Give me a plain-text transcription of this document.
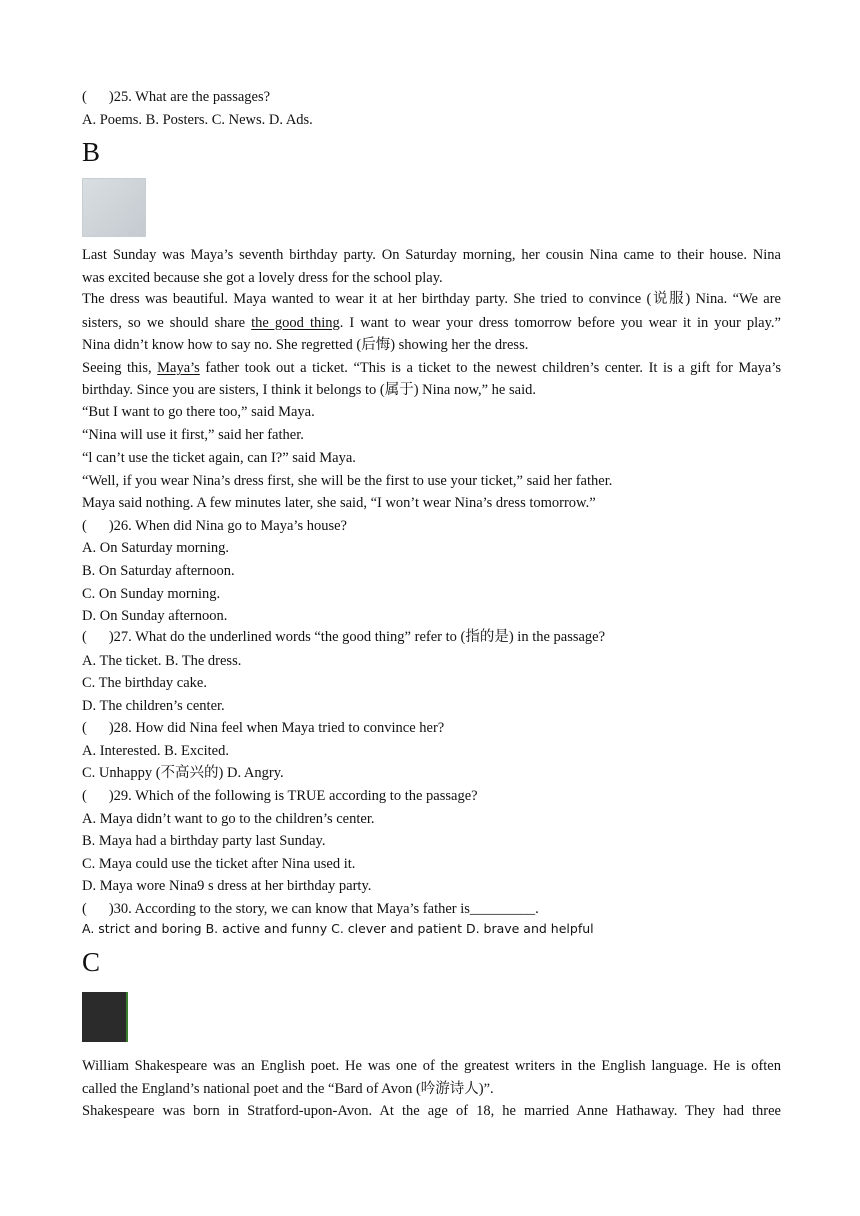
( )25. What are the passages?
A. Poems. B. Posters. C. News. D. Ads.
B
Last Sunday was Maya’s seventh birthday party. On Saturday morning, her cousin Nina came to their house. Nina
was excited because she got a lovely dress for the school play.
The dress was beautiful. Maya wanted to wear it at her birthday party. She tried to convince (说服) Nina. “We are
sisters, so we should share the good thing. I want to wear your dress tomorrow before you wear it in your play.”
Nina didn’t know how to say no. She regretted (后悔) showing her the dress.
Seeing this, Maya’s father took out a ticket. “This is a ticket to the newest children’s center. It is a gift for Maya’s
birthday. Since you are sisters, I think it belongs to (属于) Nina now,” he said.
“But I want to go there too,” said Maya.
“Nina will use it first,” said her father.
“l can’t use the ticket again, can I?” said Maya.
“Well, if you wear Nina’s dress first, she will be the first to use your ticket,” said her father.
Maya said nothing. A few minutes later, she said, “I won’t wear Nina’s dress tomorrow.”
( )26. When did Nina go to Maya’s house?
A. On Saturday morning.
B. On Saturday afternoon.
C. On Sunday morning.
D. On Sunday afternoon.
( )27. What do the underlined words “the good thing” refer to (指的是) in the passage?
A. The ticket. B. The dress.
C. The birthday cake.
D. The children’s center.
( )28. How did Nina feel when Maya tried to convince her?
A. Interested. B. Excited.
C. Unhappy (不高兴的) D. Angry.
( )29. Which of the following is TRUE according to the passage?
A. Maya didn’t want to go to the children’s center.
B. Maya had a birthday party last Sunday.
C. Maya could use the ticket after Nina used it.
D. Maya wore Nina9 s dress at her birthday party.
( )30. According to the story, we can know that Maya’s father is_________.
A. strict and boring B. active and funny C. clever and patient D. brave and helpful
C
William Shakespeare was an English poet. He was one of the greatest writers in the English language. He is often
called the England’s national poet and the “Bard of Avon (吟游诗人)”.
Shakespeare was born in Stratford-upon-Avon. At the age of 18, he married Anne Hathaway. They had three
